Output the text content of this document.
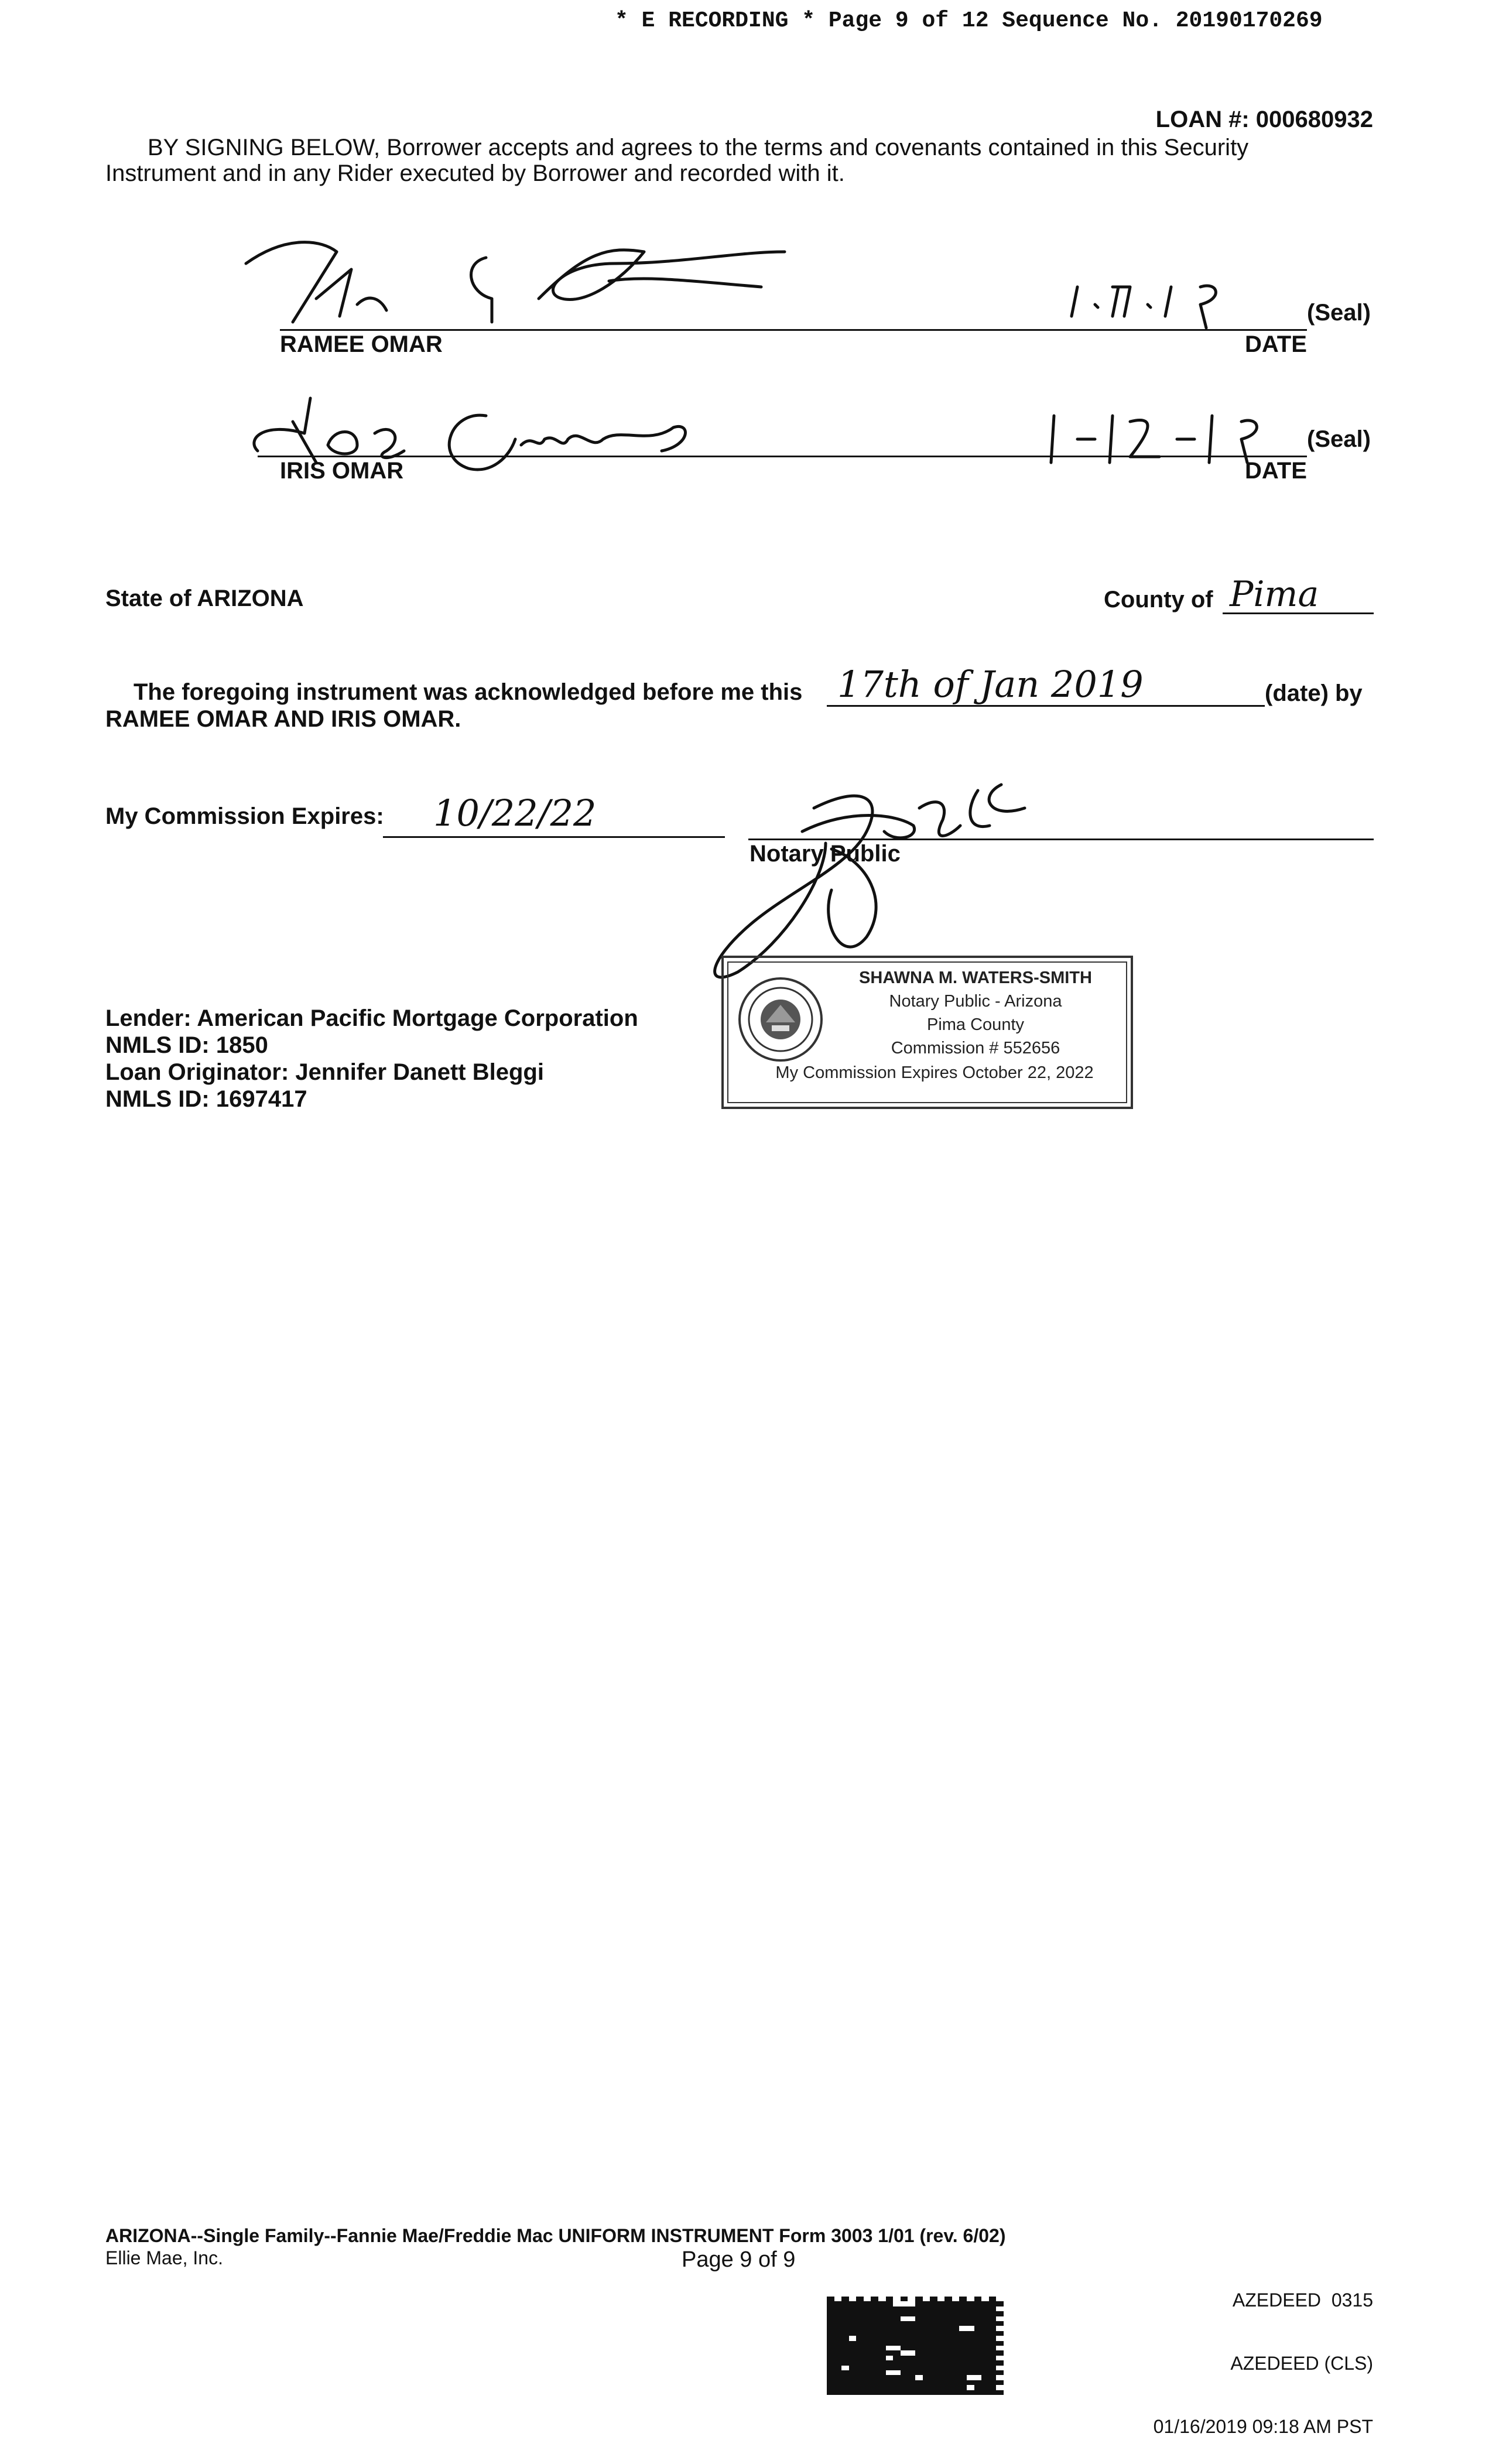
* E RECORDING * Page 9 of 12 Sequence No. 20190170269
LOAN #: 000680932
BY SIGNING BELOW, Borrower accepts and agrees to the terms and covenants contained in this Security
Instrument and in any Rider executed by Borrower and recorded with it.
(Seal)
RAMEE OMAR	DATE
(Seal)
IRIS OMAR	DATE
State of ARIZONA	County of Pima
The foregoing instrument was acknowledged before me this 17th of Jan 2019	(date) by
RAMEE OMAR AND IRIS OMAR.
My Commission Expires: 10/22/22
Notary Public
SHAWNA M. WATERS-SMITH
Notary Public - Arizona
Pima County
Commission # 552656
My Commission Expires October 22, 2022
Lender: American Pacific Mortgage Corporation
NMLS ID: 1850
Loan Originator: Jennifer Danett Bleggi
NMLS ID: 1697417
ARIZONA--Single Family--Fannie Mae/Freddie Mac UNIFORM INSTRUMENT Form 3003 1/01 (rev. 6/02)
Ellie Mae, Inc.	Page 9 of 9

AZEDEED  0315

AZEDEED (CLS)

01/16/2019 09:18 AM PST
